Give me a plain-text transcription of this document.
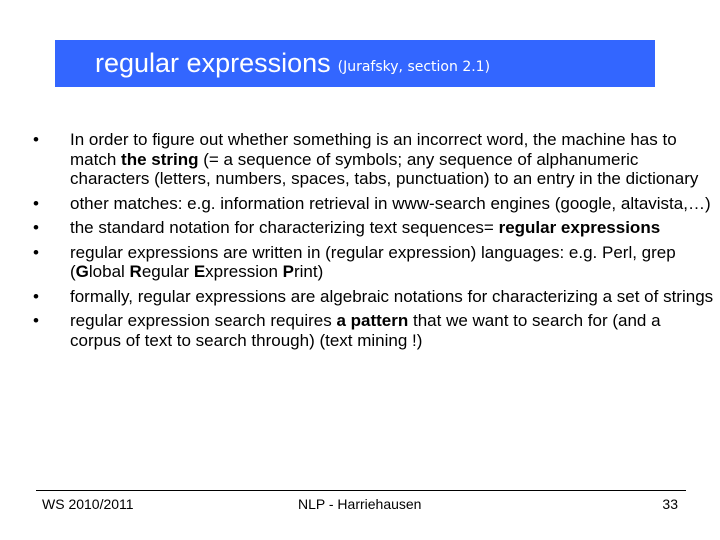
regular expressions (Jurafsky, section 2.1)
• In order to figure out whether something is an incorrect word, the machine has to match the string (= a sequence of symbols; any sequence of alphanumeric characters (letters, numbers, spaces, tabs, punctuation) to an entry in the dictionary
• other matches: e.g. information retrieval in www-search engines (google, altavista,…)
• the standard notation for characterizing text sequences= regular expressions
• regular expressions are written in (regular expression) languages: e.g. Perl, grep (Global Regular Expression Print)
• formally, regular expressions are algebraic notations for characterizing a set of strings
• regular expression search requires a pattern that we want to search for (and a corpus of text to search through) (text mining !)
WS 2010/2011	NLP - Harriehausen	33
